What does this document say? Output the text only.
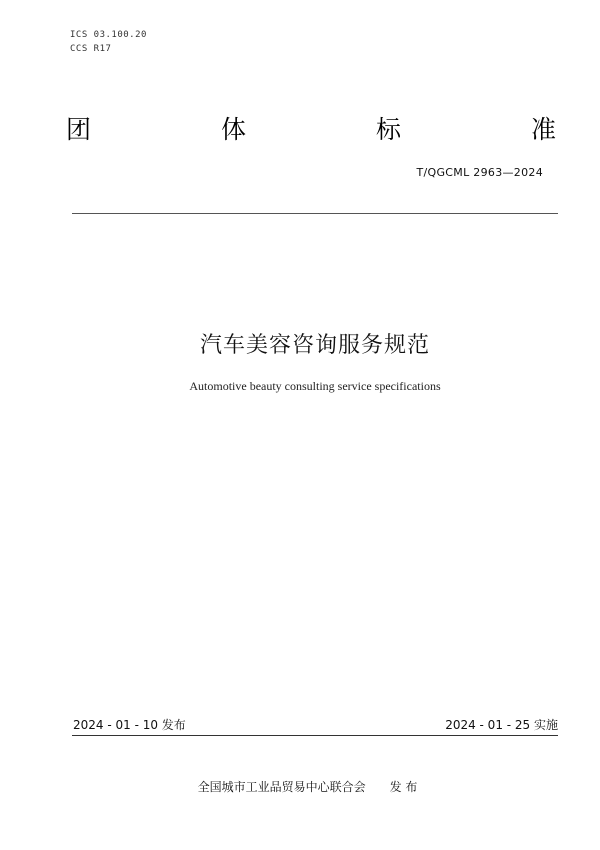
ICS 03.100.20
CCS R17
团	体	标	准
T/QGCML 2963—2024
汽车美容咨询服务规范
Automotive beauty consulting service specifications
2024 - 01 - 10 发布	2024 - 01 - 25 实施
全国城市工业品贸易中心联合会 发 布
